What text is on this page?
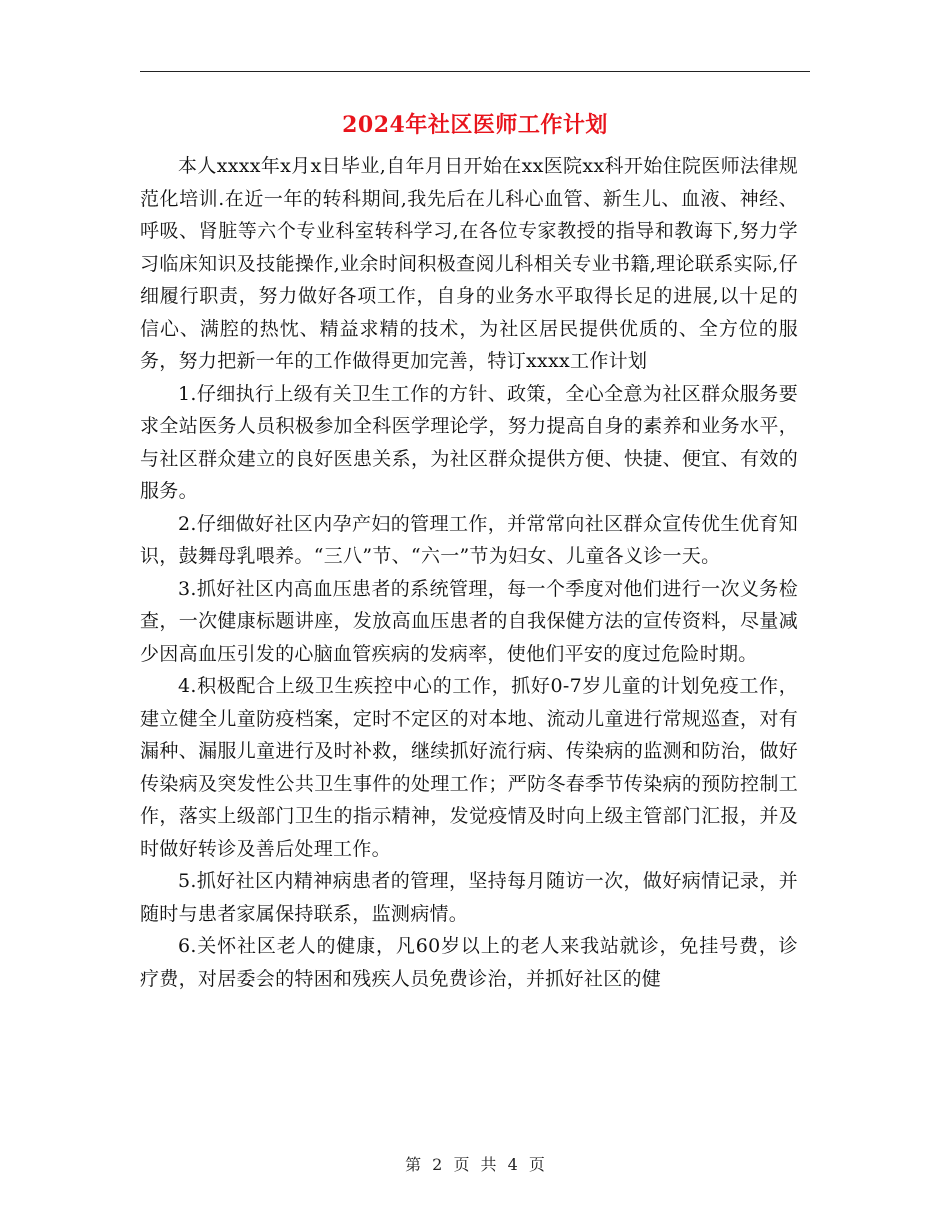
2024年社区医师工作计划

本人xxxx年x月x日毕业,自年月日开始在xx医院xx科开始住院医师法律规范化培训.在近一年的转科期间,我先后在儿科心血管、新生儿、血液、神经、呼吸、肾脏等六个专业科室转科学习,在各位专家教授的指导和教诲下,努力学习临床知识及技能操作,业余时间积极查阅儿科相关专业书籍,理论联系实际,仔细履行职责，努力做好各项工作，自身的业务水平取得长足的进展,以十足的信心、满腔的热忱、精益求精的技术，为社区居民提供优质的、全方位的服务，努力把新一年的工作做得更加完善，特订xxxx工作计划

1.仔细执行上级有关卫生工作的方针、政策，全心全意为社区群众服务要求全站医务人员积极参加全科医学理论学，努力提高自身的素养和业务水平，与社区群众建立的良好医患关系，为社区群众提供方便、快捷、便宜、有效的服务。

2.仔细做好社区内孕产妇的管理工作，并常常向社区群众宣传优生优育知识，鼓舞母乳喂养。“三八”节、“六一”节为妇女、儿童各义诊一天。

3.抓好社区内高血压患者的系统管理，每一个季度对他们进行一次义务检查，一次健康标题讲座，发放高血压患者的自我保健方法的宣传资料，尽量减少因高血压引发的心脑血管疾病的发病率，使他们平安的度过危险时期。

4.积极配合上级卫生疾控中心的工作，抓好0-7岁儿童的计划免疫工作，建立健全儿童防疫档案，定时不定区的对本地、流动儿童进行常规巡查，对有漏种、漏服儿童进行及时补救，继续抓好流行病、传染病的监测和防治，做好传染病及突发性公共卫生事件的处理工作；严防冬春季节传染病的预防控制工作，落实上级部门卫生的指示精神，发觉疫情及时向上级主管部门汇报，并及时做好转诊及善后处理工作。

5.抓好社区内精神病患者的管理，坚持每月随访一次，做好病情记录，并随时与患者家属保持联系，监测病情。

6.关怀社区老人的健康，凡60岁以上的老人来我站就诊，免挂号费，诊疗费，对居委会的特困和残疾人员免费诊治，并抓好社区的健

第 2 页 共 4 页
